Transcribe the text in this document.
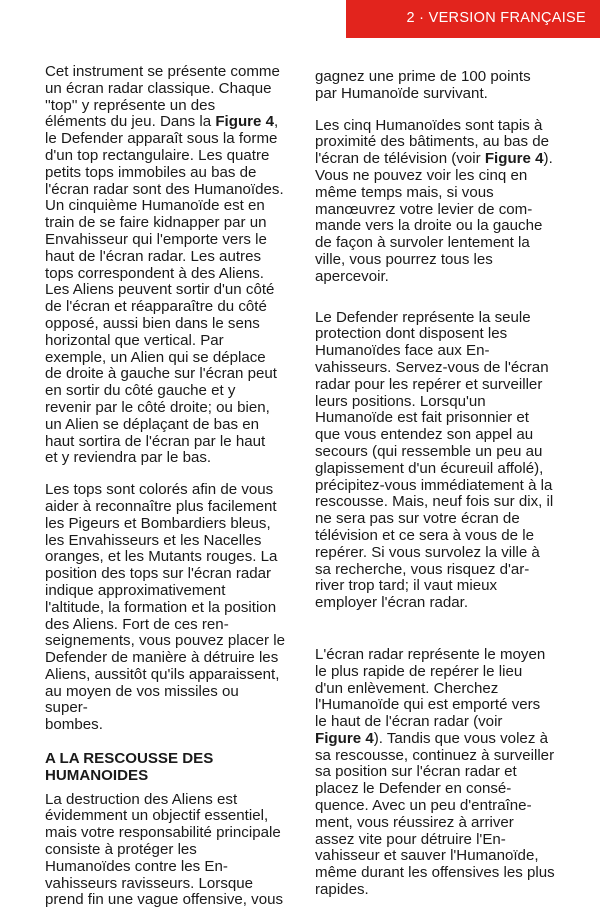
2 · VERSION FRANÇAISE

Cet instrument se présente comme
un écran radar classique. Chaque
''top'' y représente un des
éléments du jeu. Dans la Figure 4,
le Defender apparaît sous la forme
d'un top rectangulaire. Les quatre
petits tops immobiles au bas de
l'écran radar sont des Humanoïdes.
Un cinquième Humanoïde est en
train de se faire kidnapper par un
Envahisseur qui l'emporte vers le
haut de l'écran radar. Les autres
tops correspondent à des Aliens.
Les Aliens peuvent sortir d'un côté
de l'écran et réapparaître du côté
opposé, aussi bien dans le sens
horizontal que vertical. Par
exemple, un Alien qui se déplace
de droite à gauche sur l'écran peut
en sortir du côté gauche et y
revenir par le côté droite; ou bien,
un Alien se déplaçant de bas en
haut sortira de l'écran par le haut
et y reviendra par le bas.

Les tops sont colorés afin de vous
aider à reconnaître plus facilement
les Pigeurs et Bombardiers bleus,
les Envahisseurs et les Nacelles
oranges, et les Mutants rouges. La
position des tops sur l'écran radar
indique approximativement
l'altitude, la formation et la position
des Aliens. Fort de ces ren-
seignements, vous pouvez placer le
Defender de manière à détruire les
Aliens, aussitôt qu'ils apparaissent,
au moyen de vos missiles ou super-
bombes.

A LA RESCOUSSE DES
HUMANOIDES

La destruction des Aliens est
évidemment un objectif essentiel,
mais votre responsabilité principale
consiste à protéger les
Humanoïdes contre les En-
vahisseurs ravisseurs. Lorsque
prend fin une vague offensive, vous

gagnez une prime de 100 points
par Humanoïde survivant.

Les cinq Humanoïdes sont tapis à
proximité des bâtiments, au bas de
l'écran de télévision (voir Figure 4).
Vous ne pouvez voir les cinq en
même temps mais, si vous
manœuvrez votre levier de com-
mande vers la droite ou la gauche
de façon à survoler lentement la
ville, vous pourrez tous les
apercevoir.

Le Defender représente la seule
protection dont disposent les
Humanoïdes face aux En-
vahisseurs. Servez-vous de l'écran
radar pour les repérer et surveiller
leurs positions. Lorsqu'un
Humanoïde est fait prisonnier et
que vous entendez son appel au
secours (qui ressemble un peu au
glapissement d'un écureuil affolé),
précipitez-vous immédiatement à la
rescousse. Mais, neuf fois sur dix, il
ne sera pas sur votre écran de
télévision et ce sera à vous de le
repérer. Si vous survolez la ville à
sa recherche, vous risquez d'ar-
river trop tard; il vaut mieux
employer l'écran radar.

L'écran radar représente le moyen
le plus rapide de repérer le lieu
d'un enlèvement. Cherchez
l'Humanoïde qui est emporté vers
le haut de l'écran radar (voir
Figure 4). Tandis que vous volez à
sa rescousse, continuez à surveiller
sa position sur l'écran radar et
placez le Defender en consé-
quence. Avec un peu d'entraîne-
ment, vous réussirez à arriver
assez vite pour détruire l'En-
vahisseur et sauver l'Humanoïde,
même durant les offensives les plus
rapides.
